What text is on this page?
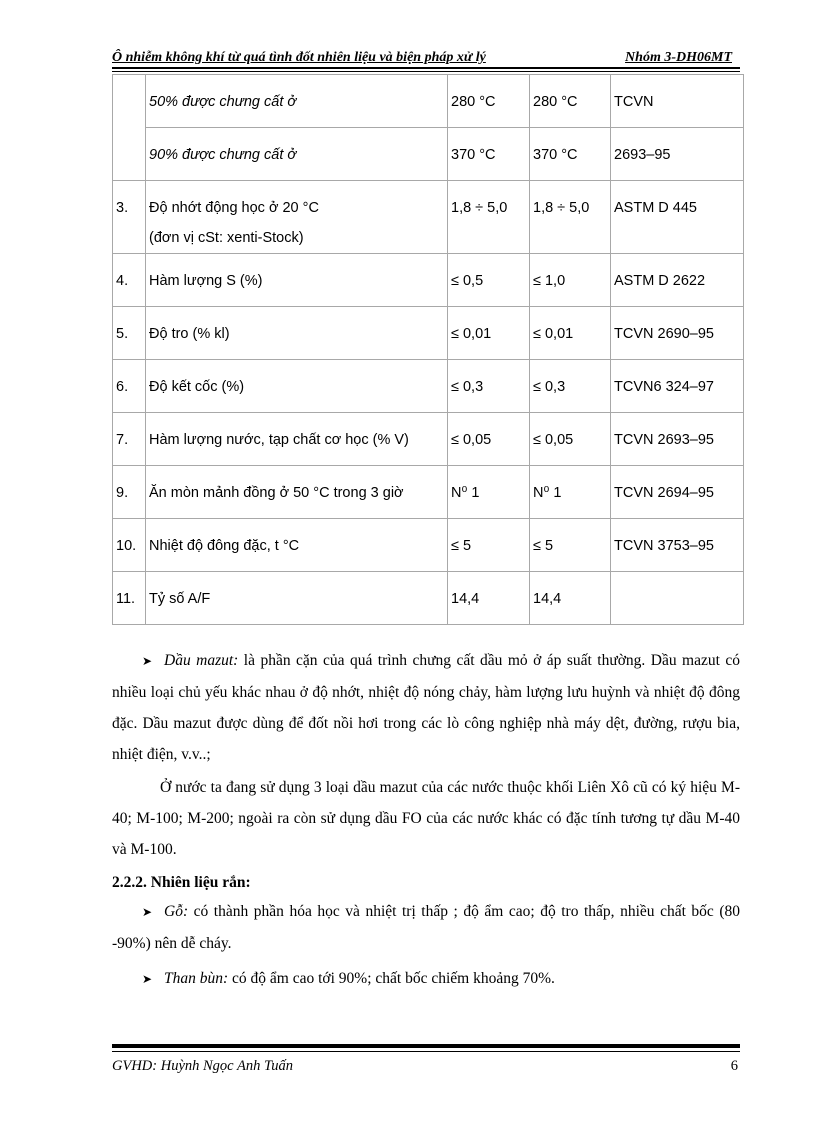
Ô nhiễm không khí từ quá tình đốt nhiên liệu và biện pháp xử lý	Nhóm 3-DH06MT
	50% được chưng cất ở	280 °C	280 °C	TCVN
	90% được chưng cất ở	370 °C	370 °C	2693–95
3.	Độ nhớt động học ở 20 °C
(đơn vị cSt: xenti-Stock)	1,8 ÷ 5,0	1,8 ÷ 5,0	ASTM D 445
4.	Hàm lượng S (%)	≤ 0,5	≤ 1,0	ASTM D 2622
5.	Độ tro (% kl)	≤ 0,01	≤ 0,01	TCVN 2690–95
6.	Độ kết cốc (%)	≤ 0,3	≤ 0,3	TCVN6 324–97
7.	Hàm lượng nước, tạp chất cơ học (% V)	≤ 0,05	≤ 0,05	TCVN 2693–95
9.	Ăn mòn mảnh đồng ở 50 °C trong 3 giờ	N⁰ 1	N⁰ 1	TCVN 2694–95
10.	Nhiệt độ đông đặc, t °C	≤ 5	≤ 5	TCVN 3753–95
11.	Tỷ số A/F	14,4	14,4	
➤ Dầu mazut: là phần cặn của quá trình chưng cất dầu mỏ ở áp suất thường. Dầu mazut có nhiều loại chủ yếu khác nhau ở độ nhớt, nhiệt độ nóng chảy, hàm lượng lưu huỳnh và nhiệt độ đông đặc. Dầu mazut được dùng để đốt nồi hơi trong các lò công nghiệp nhà máy dệt, đường, rượu bia, nhiệt điện, v.v..;
Ở nước ta đang sử dụng 3 loại dầu mazut của các nước thuộc khối Liên Xô cũ có ký hiệu M-40; M-100; M-200; ngoài ra còn sử dụng dầu FO của các nước khác có đặc tính tương tự dầu M-40 và M-100.
2.2.2. Nhiên liệu rắn:
➤ Gỗ: có thành phần hóa học và nhiệt trị thấp ; độ ẩm cao; độ tro thấp, nhiều chất bốc (80 -90%) nên dễ cháy.
➤ Than bùn: có độ ẩm cao tới 90%; chất bốc chiếm khoảng 70%.
GVHD: Huỳnh Ngọc Anh Tuấn	6
